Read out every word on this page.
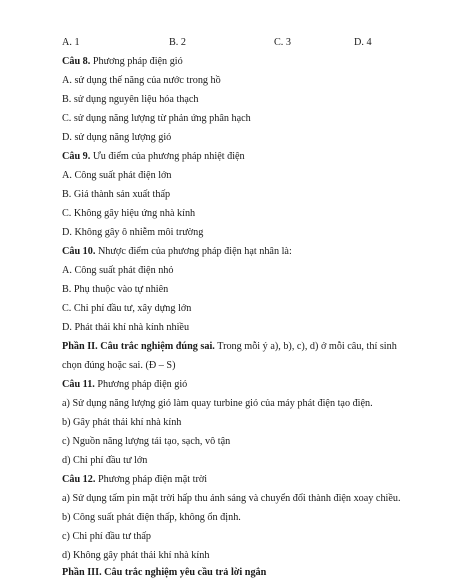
A. 1	B. 2	C. 3	D. 4
Câu 8. Phương pháp điện gió
A. sử dụng thế năng của nước trong hồ
B. sử dụng nguyên liệu hóa thạch
C. sử dụng năng lượng từ phản ứng phân hạch
D. sử dụng năng lượng gió
Câu 9. Ưu điểm của phương pháp nhiệt điện
A. Công suất phát điện lớn
B. Giá thành sản xuất thấp
C. Không gây hiệu ứng nhà kính
D. Không gây ô nhiễm môi trường
Câu 10. Nhược điểm của phương pháp điện hạt nhân là:
A. Công suất phát điện nhỏ
B. Phụ thuộc vào tự nhiên
C. Chi phí đầu tư, xây dựng lớn
D. Phát thải khí nhà kính nhiều
Phần II. Câu trắc nghiệm đúng sai. Trong mỗi ý a), b), c), d) ở mỗi câu, thí sinh
chọn đúng hoặc sai. (Đ – S)
Câu 11. Phương pháp điện gió
a) Sử dụng năng lượng gió làm quay turbine gió của máy phát điện tạo điện.
b) Gây phát thải khí nhà kính
c) Nguồn năng lượng tái tạo, sạch, vô tận
d) Chi phí đầu tư lớn
Câu 12. Phương pháp điện mặt trời
a) Sử dụng tấm pin mặt trời hấp thu ánh sáng và chuyển đổi thành điện xoay chiều.
b) Công suất phát điện thấp, không ổn định.
c) Chi phí đầu tư thấp
d) Không gây phát thải khí nhà kính
Phần III. Câu trắc nghiệm yêu cầu trả lời ngắn
